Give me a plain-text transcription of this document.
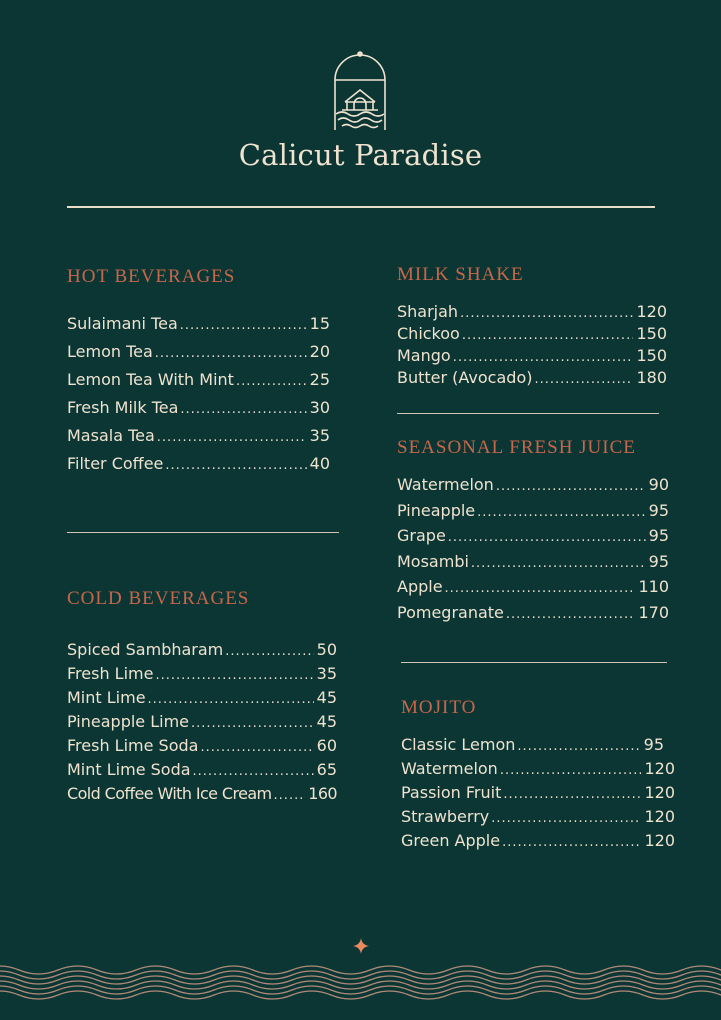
Calicut Paradise
HOT BEVERAGES
Sulaimani Tea .....	15
Lemon Tea .....	20
Lemon Tea With Mint .....	25
Fresh Milk Tea .....	30
Masala Tea .....	35
Filter Coffee .....	40
COLD BEVERAGES
Spiced Sambharam .....	50
Fresh Lime .....	35
Mint Lime .....	45
Pineapple Lime .....	45
Fresh Lime Soda .....	60
Mint Lime Soda .....	65
Cold Coffee With Ice Cream ..... 160
MILK SHAKE
Sharjah .....	120
Chickoo .....	150
Mango .....	150
Butter (Avocado) .....	180
SEASONAL FRESH JUICE
Watermelon .....	90
Pineapple .....	95
Grape .....	95
Mosambi .....	95
Apple .....	110
Pomegranate .....	170
MOJITO
Classic Lemon .....	95
Watermelon .....	120
Passion Fruit .....	120
Strawberry .....	120
Green Apple .....	120
